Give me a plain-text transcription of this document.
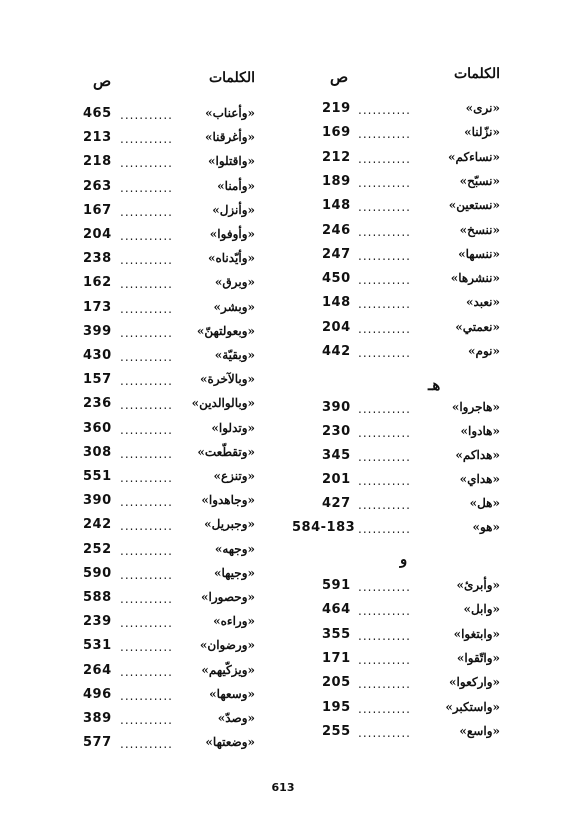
الكلمات
ص
219 ...........	«نرى»
169 ...........	«نزّلنا»
212 ...........	«نساءكم»
189 ...........	«نسبّح»
148 ...........	«نستعين»
246 ...........	«ننسخ»
247 ...........	«ننسها»
450 ...........	«ننشرها»
148 ...........	«نعبد»
204 ...........	«نعمتي»
442 ...........	«نوم»
هـ
390 ...........	«هاجروا»
230 ...........	«هادوا»
345 ...........	«هداكم»
201 ...........	«هداي»
427 ...........	«هل»
584-183 ...........	«هو»
و
591 ...........	«وأبرئ»
464 ...........	«وابل»
355 ...........	«وابتغوا»
171 ...........	«واتّقوا»
205 ...........	«واركعوا»
195 ...........	«واستكبر»
255 ...........	«واسع»
الكلمات
ص
465 ...........	«وأعناب»
213 ...........	«وأغرقنا»
218 ...........	«واقتلوا»
263 ...........	«وأمنا»
167 ...........	«وأنزل»
204 ...........	«وأوفوا»
238 ...........	«وأيّدناه»
162 ...........	«وبرق»
173 ...........	«وبشر»
399 ........... «وبعولتهنّ»
430 ...........	«وبقيّة»
157 ........... «وبالآخرة»
236 ........... «وبالوالدين»
360 ...........	«وتدلوا»
308 ........... «وتقطّعت»
551 ...........	«وتنزع»
390 ........... «وجاهدوا»
242 ...........	«وجبريل»
252 ...........	«وجهه»
590 ...........	«وجيها»
588 ........... «وحصورا»
239 ...........	«وراءه»
531 ........... «ورضوان»
264 ........... «ويزكّيهم»
496 ...........	«وسعها»
389 ...........	«وصدّ»
577 ...........	«وضعتها»
613
